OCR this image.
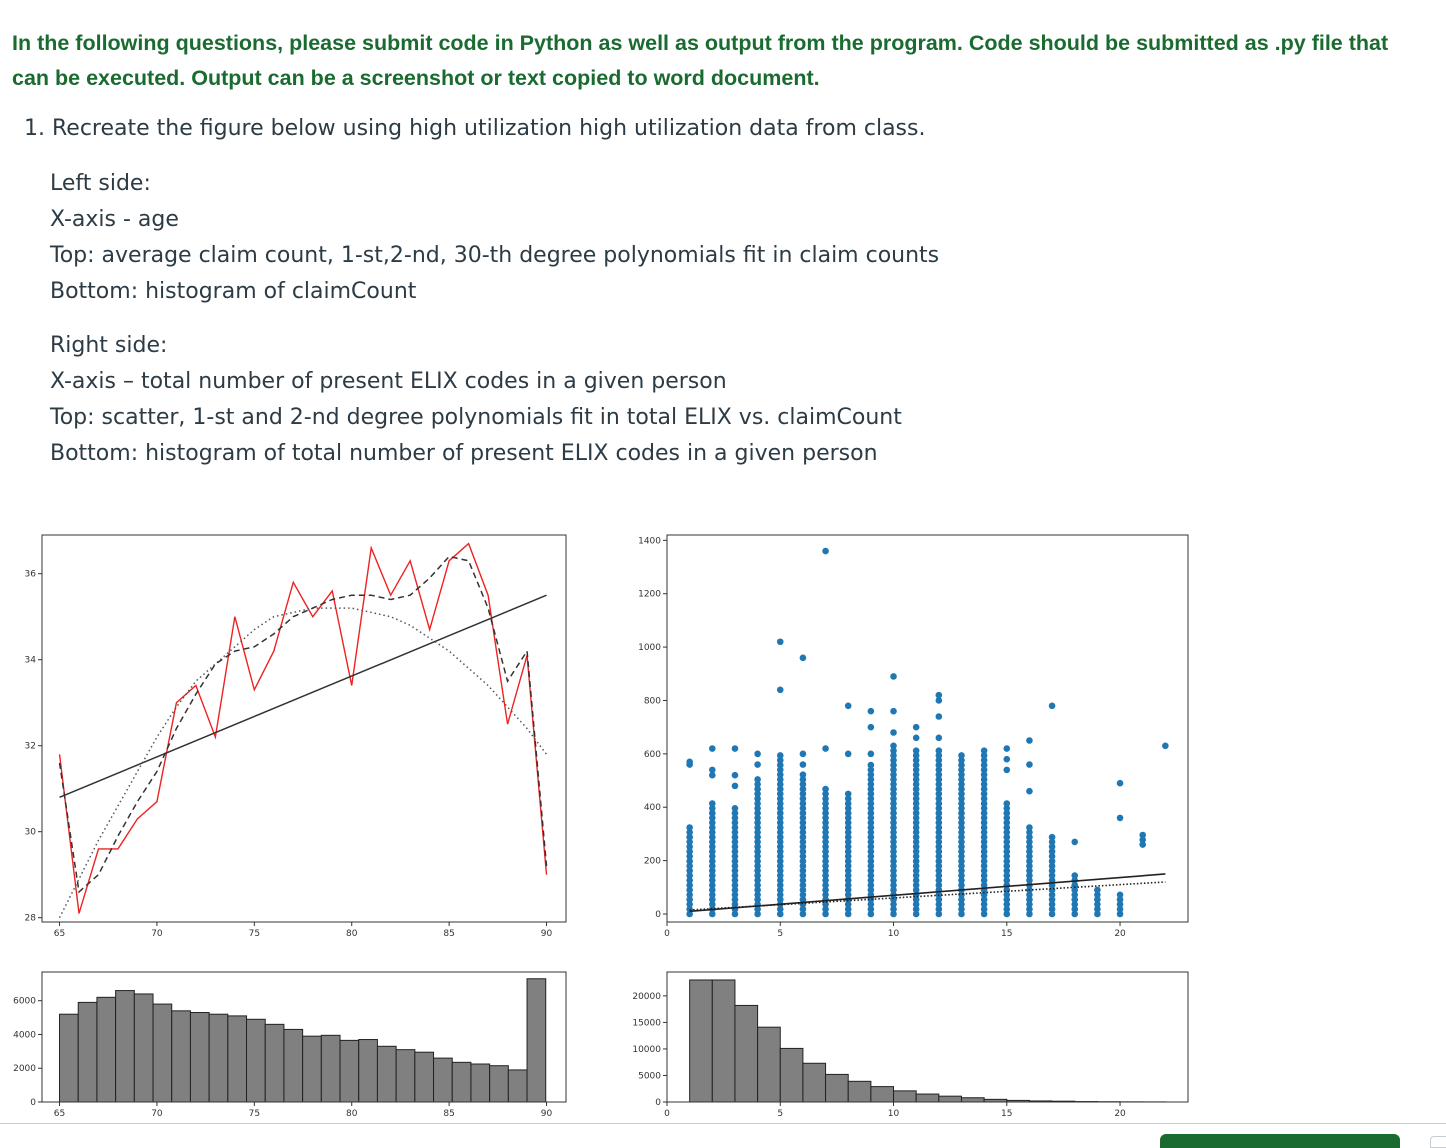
In the following questions, please submit code in Python as well as output from the program. Code should be submitted as .py file that can be executed. Output can be a screenshot or text copied to word document.
1. Recreate the figure below using high utilization high utilization data from class.
Left side:
X-axis - age
Top: average claim count, 1-st,2-nd, 30-th degree polynomials fit in claim counts
Bottom: histogram of claimCount
Right side:
X-axis – total number of present ELIX codes in a given person
Top: scatter, 1-st and 2-nd degree polynomials fit in total ELIX vs. claimCount
Bottom: histogram of total number of present ELIX codes in a given person
65	70	75	80	85	90
28
30
32
34
36
0	5	10	15	20
0
200
400
600
800
1000
1200
1400
65	70	75	80	85	90
0
2000
4000
6000
0	5	10	15	20
0
5000
10000
15000
20000
